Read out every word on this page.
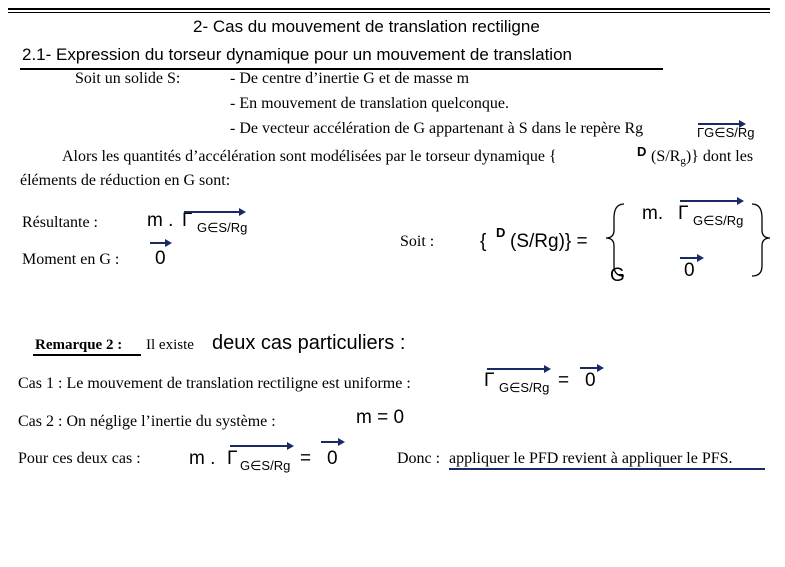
2- Cas du mouvement de translation rectiligne
2.1- Expression du torseur dynamique pour un mouvement de translation
Soit un solide S:	- De centre d’inertie G et de masse m
- En mouvement de translation quelconque.
- De vecteur accélération de G appartenant à S dans le repère Rg	ΓG∈S/Rg
Alors les quantités d’accélération sont modélisées par le torseur dynamique {	D (S/Rg)} dont les
éléments de réduction en G sont:
Résultante :	m . Γ G∈S/Rg
Moment en G : 0
Soit : { D (S/Rg)} =
m. Γ G∈S/Rg
0
G
Remarque 2 : Il existe deux cas particuliers :
Cas 1 : Le mouvement de translation rectiligne est uniforme :	Γ G∈S/Rg = 0
Cas 2 : On néglige l’inertie du système :	m = 0
Pour ces deux cas :	m . Γ G∈S/Rg = 0	Donc : appliquer le PFD revient à appliquer le PFS.
